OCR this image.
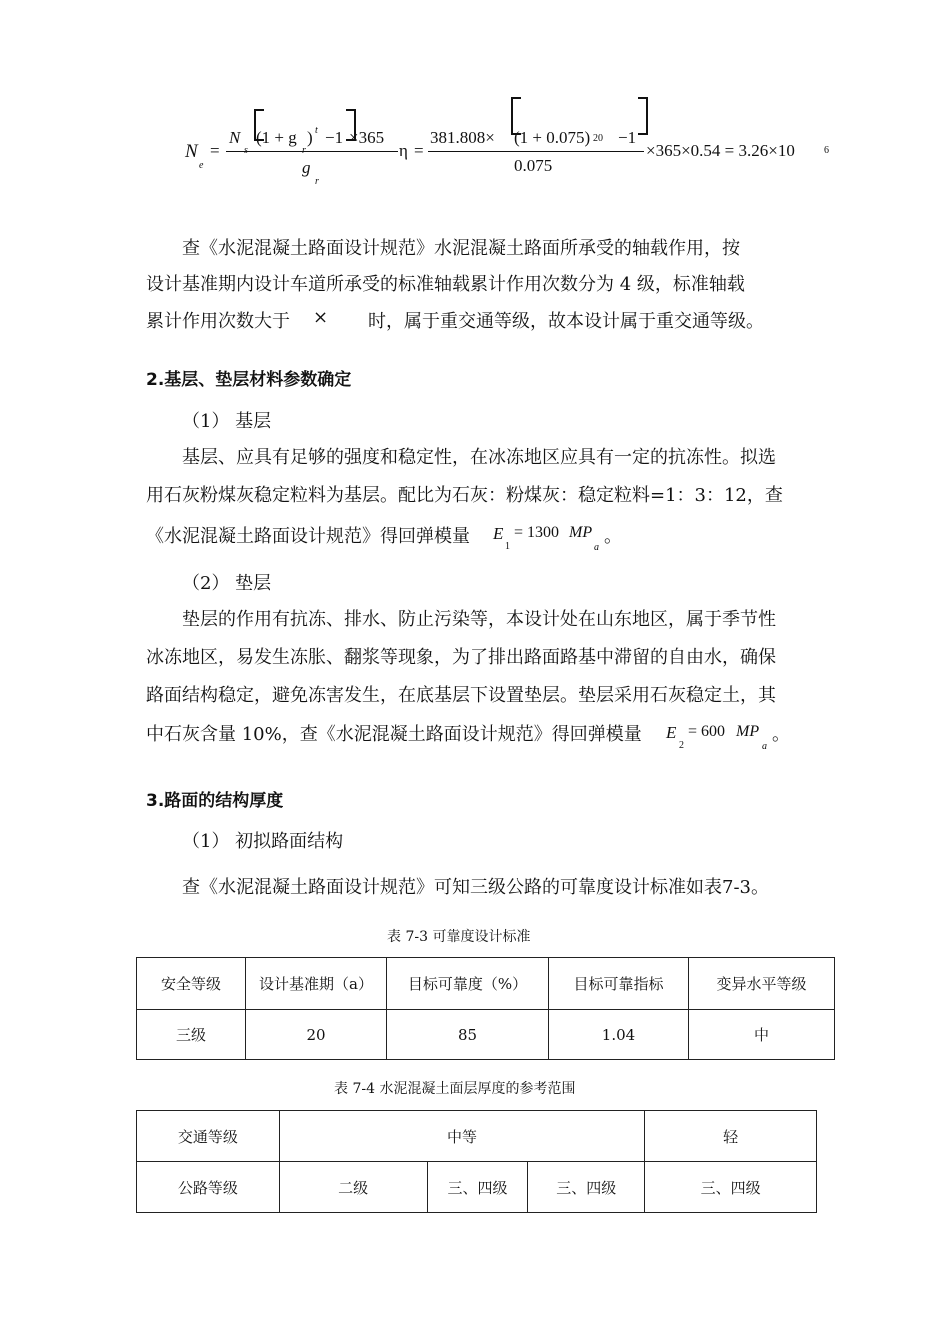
N
e
=
N
s
(1 + g
r
) t −1 ×365
g
r
η =
381.808× (1 + 0.075) 20 −1
0.075
×365×0.54 = 3.26×10	6
查《水泥混凝土路面设计规范》水泥混凝土路面所承受的轴载作用，按
设计基准期内设计车道所承受的标准轴载累计作用次数分为 4 级，标准轴载
累计作用次数大于 × 时，属于重交通等级，故本设计属于重交通等级。
2.基层、垫层材料参数确定
（1） 基层
基层、应具有足够的强度和稳定性，在冰冻地区应具有一定的抗冻性。拟选
用石灰粉煤灰稳定粒料为基层。配比为石灰：粉煤灰：稳定粒料=1：3：12，查
《水泥混凝土路面设计规范》得回弹模量 E
1
= 1300 MP
a
。
（2） 垫层
垫层的作用有抗冻、排水、防止污染等，本设计处在山东地区，属于季节性
冰冻地区，易发生冻胀、翻浆等现象，为了排出路面路基中滞留的自由水，确保
路面结构稳定，避免冻害发生，在底基层下设置垫层。垫层采用石灰稳定土，其
中石灰含量 10%，查《水泥混凝土路面设计规范》得回弹模量 E
2
= 600 MP
a
。
3.路面的结构厚度
（1） 初拟路面结构
查《水泥混凝土路面设计规范》可知三级公路的可靠度设计标准如表7-3。
表 7-3 可靠度设计标准
安全等级	设计基准期（a）	目标可靠度（%）	目标可靠指标	变异水平等级
三级	20	85	1.04	中
表 7-4 水泥混凝土面层厚度的参考范围
交通等级	中等			轻
公路等级	二级	三、四级	三、四级	三、四级
